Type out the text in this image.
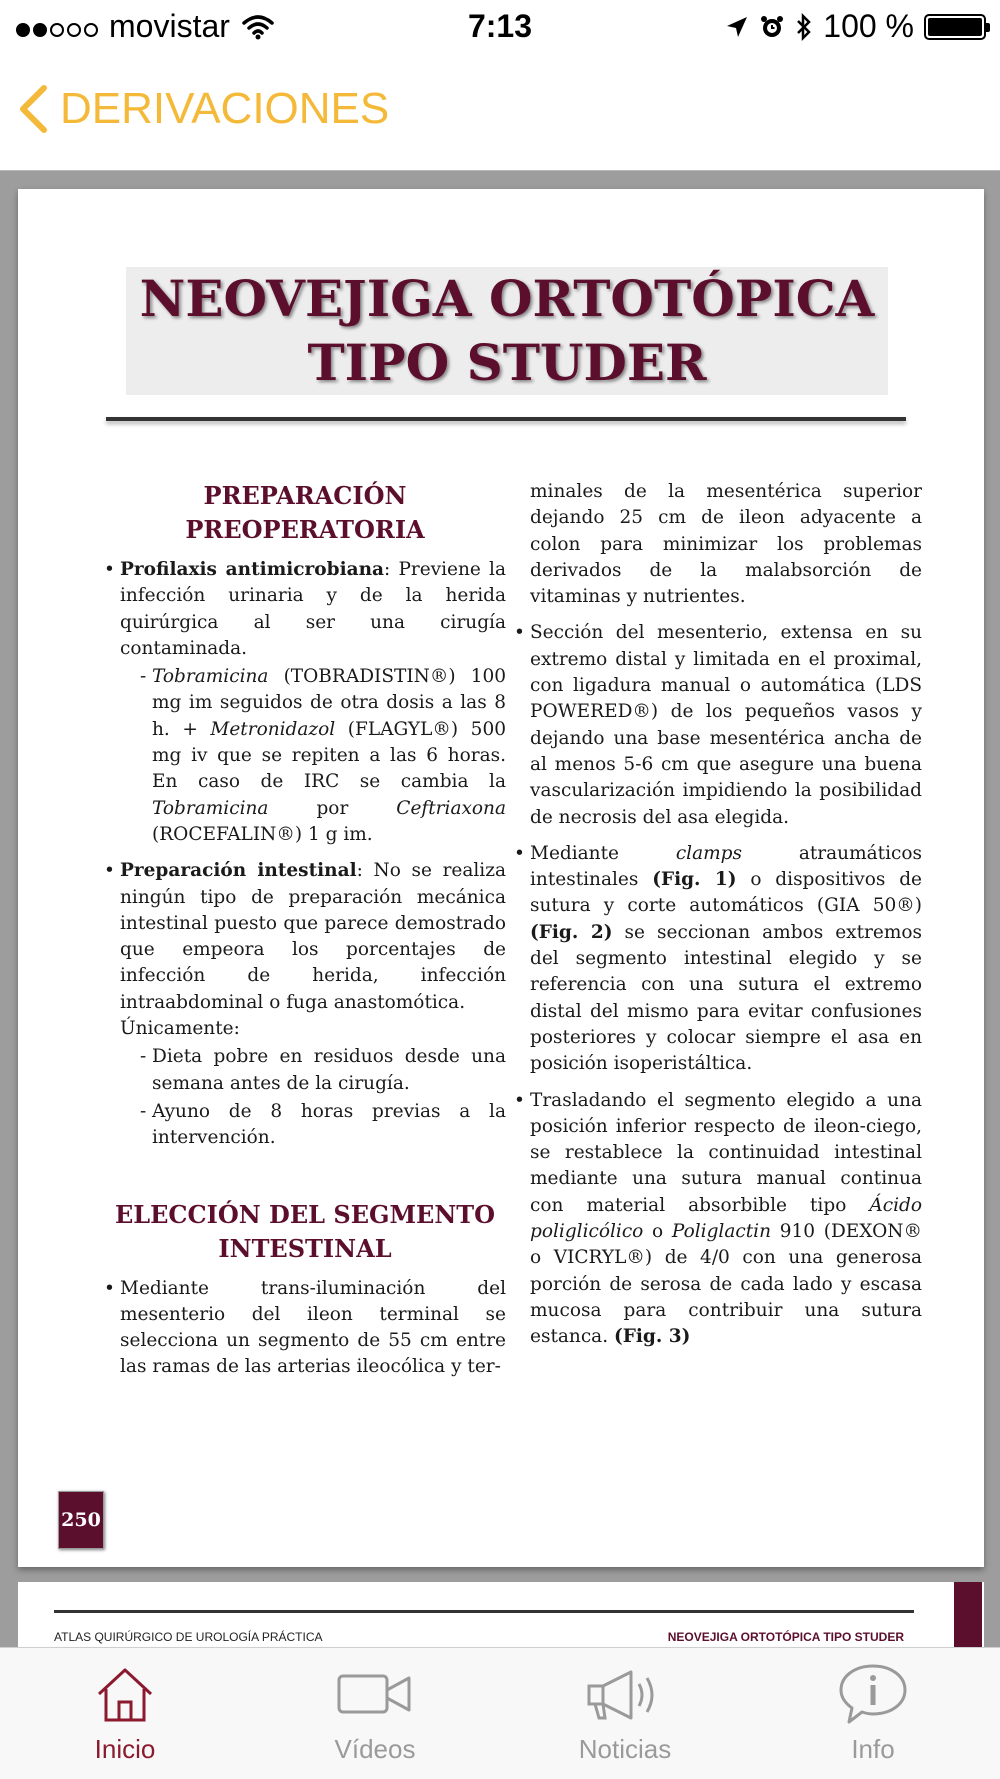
movistar	7:13	100 %
DERIVACIONES
NEOVEJIGA ORTOTÓPICA
TIPO STUDER
PREPARACIÓN
PREOPERATORIA

• Profilaxis antimicrobiana: Previene la infección urinaria y de la herida quirúrgica al ser una cirugía contaminada.

- Tobramicina (TOBRADISTIN®) 100 mg im seguidos de otra dosis a las 8 h. + Metronidazol (FLAGYL®) 500 mg iv que se repiten a las 6 horas. En caso de IRC se cambia la Tobramicina por Ceftriaxona (ROCEFALIN®) 1 g im.

• Preparación intestinal: No se realiza ningún tipo de preparación mecánica intestinal puesto que parece demostrado que empeora los porcentajes de infección de herida, infección intraabdominal o fuga anastomótica.

Únicamente:

- Dieta pobre en residuos desde una semana antes de la cirugía.

- Ayuno de 8 horas previas a la intervención.

ELECCIÓN DEL SEGMENTO
INTESTINAL

• Mediante trans-iluminación del mesenterio del ileon terminal se selecciona un segmento de 55 cm entre las ramas de las arterias ileocólica y ter-

minales de la mesentérica superior dejando 25 cm de ileon adyacente a colon para minimizar los problemas derivados de la malabsorción de vitaminas y nutrientes.

• Sección del mesenterio, extensa en su extremo distal y limitada en el proximal, con ligadura manual o automática (LDS POWERED®) de los pequeños vasos y dejando una base mesentérica ancha de al menos 5-6 cm que asegure una buena vascularización impidiendo la posibilidad de necrosis del asa elegida.

• Mediante clamps atraumáticos intestinales (Fig. 1) o dispositivos de sutura y corte automáticos (GIA 50®) (Fig. 2) se seccionan ambos extremos del segmento intestinal elegido y se referencia con una sutura el extremo distal del mismo para evitar confusiones posteriores y colocar siempre el asa en posición isoperistáltica.

• Trasladando el segmento elegido a una posición inferior respecto de ileon-ciego, se restablece la continuidad intestinal mediante una sutura manual continua con material absorbible tipo Ácido poliglicólico o Poliglactin 910 (DEXON® o VICRYL®) de 4/0 con una generosa porción de serosa de cada lado y escasa mucosa para contribuir una sutura estanca. (Fig. 3)

250
ATLAS QUIRÚRGICO DE UROLOGÍA PRÁCTICA	NEOVEJIGA ORTOTÓPICA TIPO STUDER
Inicio	Vídeos	Noticias	Info
